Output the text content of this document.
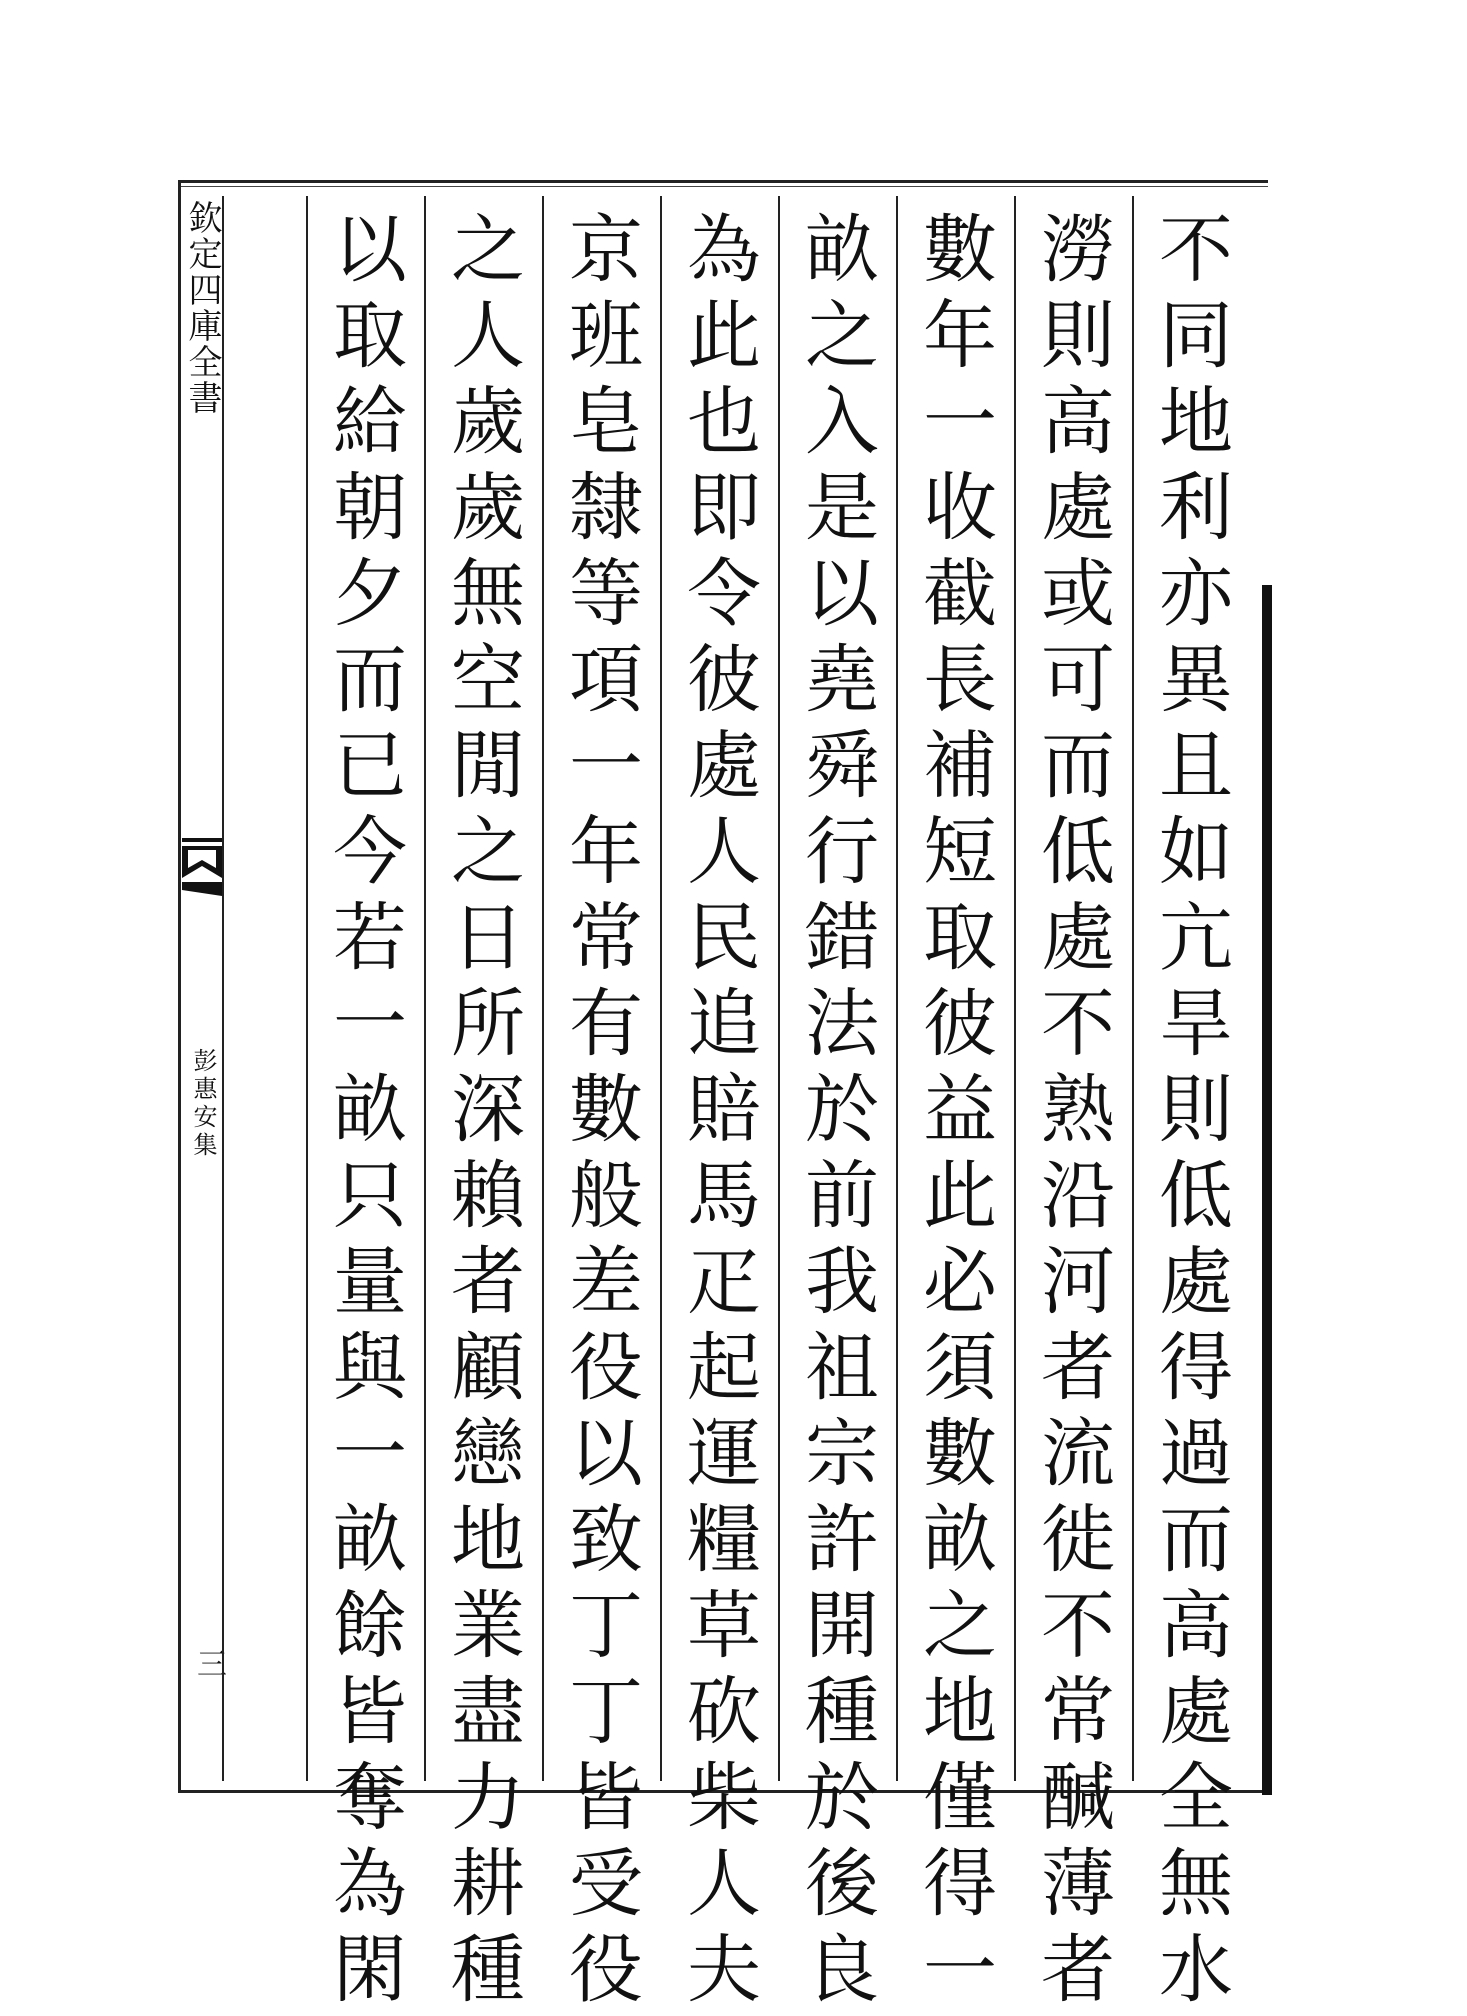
欽定四庫全書
彭惠安集
三	不同地利亦異且如亢旱則低處得過而高處全無水
澇則高處或可而低處不熟沿河者流徙不常醎薄者
數年一收截長補短取彼益此必須數畝之地僅得一
畝之入是以堯舜行錯法於前我祖宗許開種於後良
為此也即令彼處人民追賠馬疋起運糧草砍柴人夫
京班皂隸等項一年常有數般差役以致丁丁皆受役
之人歲歲無空閒之日所深賴者顧戀地業盡力耕種
以取給朝夕而已今若一畝只量與一畝餘皆奪為閑
